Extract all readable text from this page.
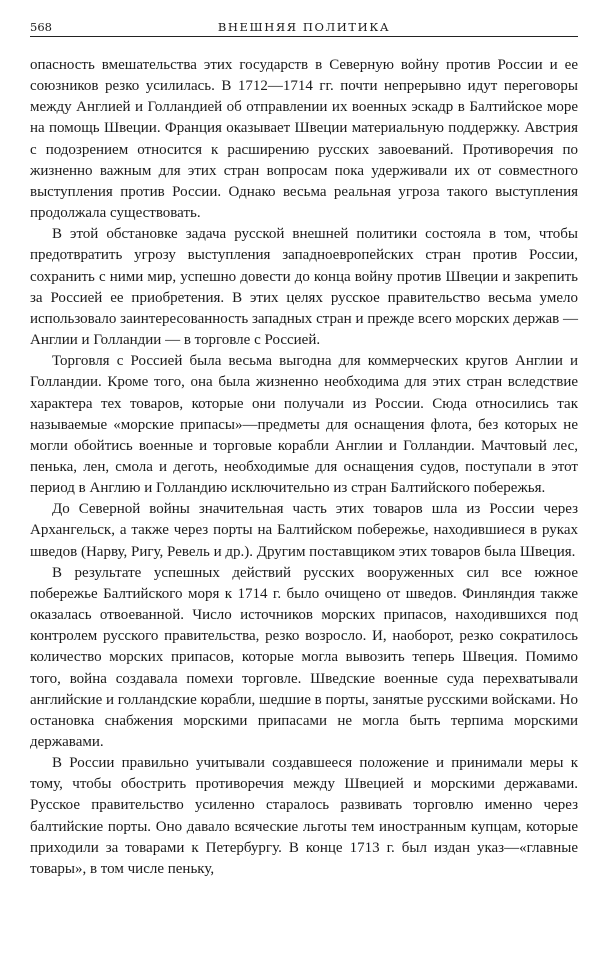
568	ВНЕШНЯЯ ПОЛИТИКА

опасность вмешательства этих государств в Северную войну против России и ее союзников резко усилилась. В 1712—1714 гг. почти непрерывно идут переговоры между Англией и Голландией об отправлении их военных эскадр в Балтийское море на помощь Швеции. Франция оказывает Швеции материальную поддержку. Австрия с подозрением относится к расширению русских завоеваний. Противоречия по жизненно важным для этих стран вопросам пока удерживали их от совместного выступления против России. Однако весьма реальная угроза такого выступления продолжала существовать.

В этой обстановке задача русской внешней политики состояла в том, чтобы предотвратить угрозу выступления западноевропейских стран против России, сохранить с ними мир, успешно довести до конца войну против Швеции и закрепить за Россией ее приобретения. В этих целях русское правительство весьма умело использовало заинтересованность западных стран и прежде всего морских держав — Англии и Голландии — в торговле с Россией.

Торговля с Россией была весьма выгодна для коммерческих кругов Англии и Голландии. Кроме того, она была жизненно необходима для этих стран вследствие характера тех товаров, которые они получали из России. Сюда относились так называемые «морские припасы»—предметы для оснащения флота, без которых не могли обойтись военные и торговые корабли Англии и Голландии. Мачтовый лес, пенька, лен, смола и деготь, необходимые для оснащения судов, поступали в этот период в Англию и Голландию исключительно из стран Балтийского побережья.

До Северной войны значительная часть этих товаров шла из России через Архангельск, а также через порты на Балтийском побережье, находившиеся в руках шведов (Нарву, Ригу, Ревель и др.). Другим поставщиком этих товаров была Швеция.

В результате успешных действий русских вооруженных сил все южное побережье Балтийского моря к 1714 г. было очищено от шведов. Финляндия также оказалась отвоеванной. Число источников морских припасов, находившихся под контролем русского правительства, резко возросло. И, наоборот, резко сократилось количество морских припасов, которые могла вывозить теперь Швеция. Помимо того, война создавала помехи торговле. Шведские военные суда перехватывали английские и голландские корабли, шедшие в порты, занятые русскими войсками. Но остановка снабжения морскими припасами не могла быть терпима морскими державами.

В России правильно учитывали создавшееся положение и принимали меры к тому, чтобы обострить противоречия между Швецией и морскими державами. Русское правительство усиленно старалось развивать торговлю именно через балтийские порты. Оно давало всяческие льготы тем иностранным купцам, которые приходили за товарами к Петербургу. В конце 1713 г. был издан указ—«главные товары», в том числе пеньку,
